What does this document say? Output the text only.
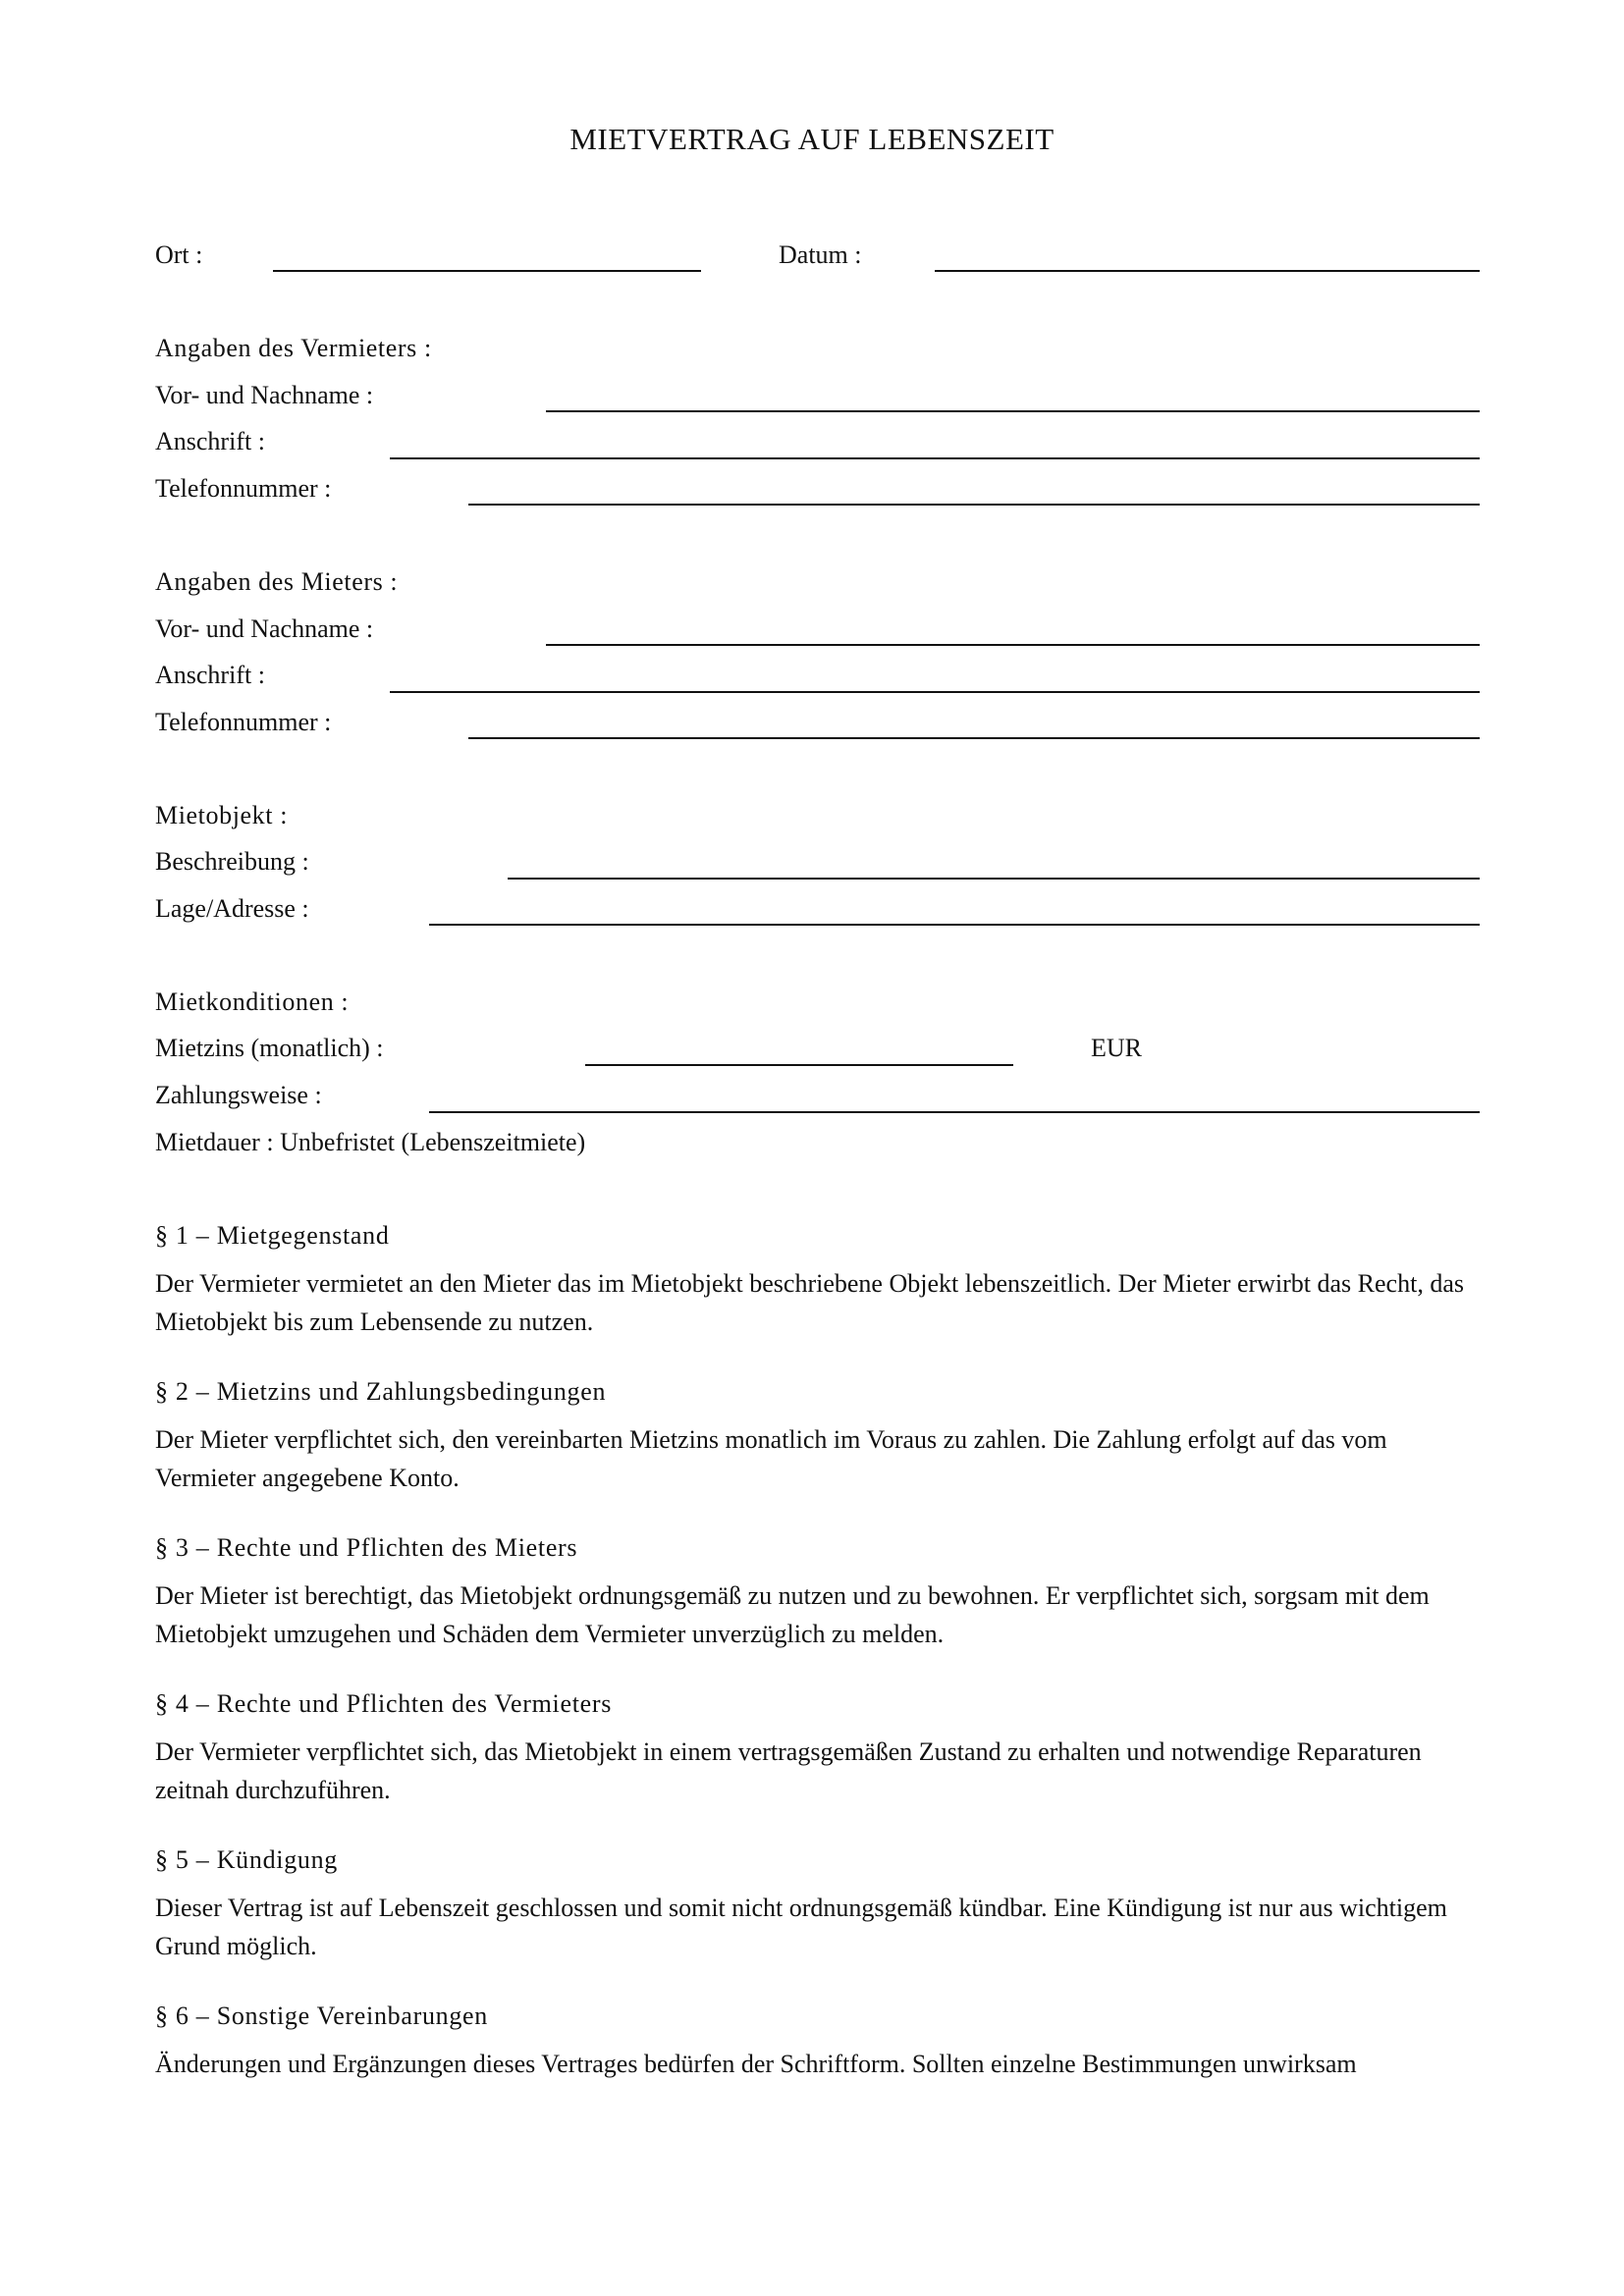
MIETVERTRAG AUF LEBENSZEIT
Ort :	Datum :
Angaben des Vermieters :
Vor- und Nachname :
Anschrift :
Telefonnummer :
Angaben des Mieters :
Vor- und Nachname :
Anschrift :
Telefonnummer :
Mietobjekt :
Beschreibung :
Lage/Adresse :
Mietkonditionen :
Mietzins (monatlich) :	EUR
Zahlungsweise :
Mietdauer : Unbefristet (Lebenszeitmiete)
§ 1 – Mietgegenstand
Der Vermieter vermietet an den Mieter das im Mietobjekt beschriebene Objekt lebenszeitlich. Der Mieter erwirbt das Recht, das Mietobjekt bis zum Lebensende zu nutzen.
§ 2 – Mietzins und Zahlungsbedingungen
Der Mieter verpflichtet sich, den vereinbarten Mietzins monatlich im Voraus zu zahlen. Die Zahlung erfolgt auf das vom Vermieter angegebene Konto.
§ 3 – Rechte und Pflichten des Mieters
Der Mieter ist berechtigt, das Mietobjekt ordnungsgemäß zu nutzen und zu bewohnen. Er verpflichtet sich, sorgsam mit dem Mietobjekt umzugehen und Schäden dem Vermieter unverzüglich zu melden.
§ 4 – Rechte und Pflichten des Vermieters
Der Vermieter verpflichtet sich, das Mietobjekt in einem vertragsgemäßen Zustand zu erhalten und notwendige Reparaturen zeitnah durchzuführen.
§ 5 – Kündigung
Dieser Vertrag ist auf Lebenszeit geschlossen und somit nicht ordnungsgemäß kündbar. Eine Kündigung ist nur aus wichtigem Grund möglich.
§ 6 – Sonstige Vereinbarungen
Änderungen und Ergänzungen dieses Vertrages bedürfen der Schriftform. Sollten einzelne Bestimmungen unwirksam
